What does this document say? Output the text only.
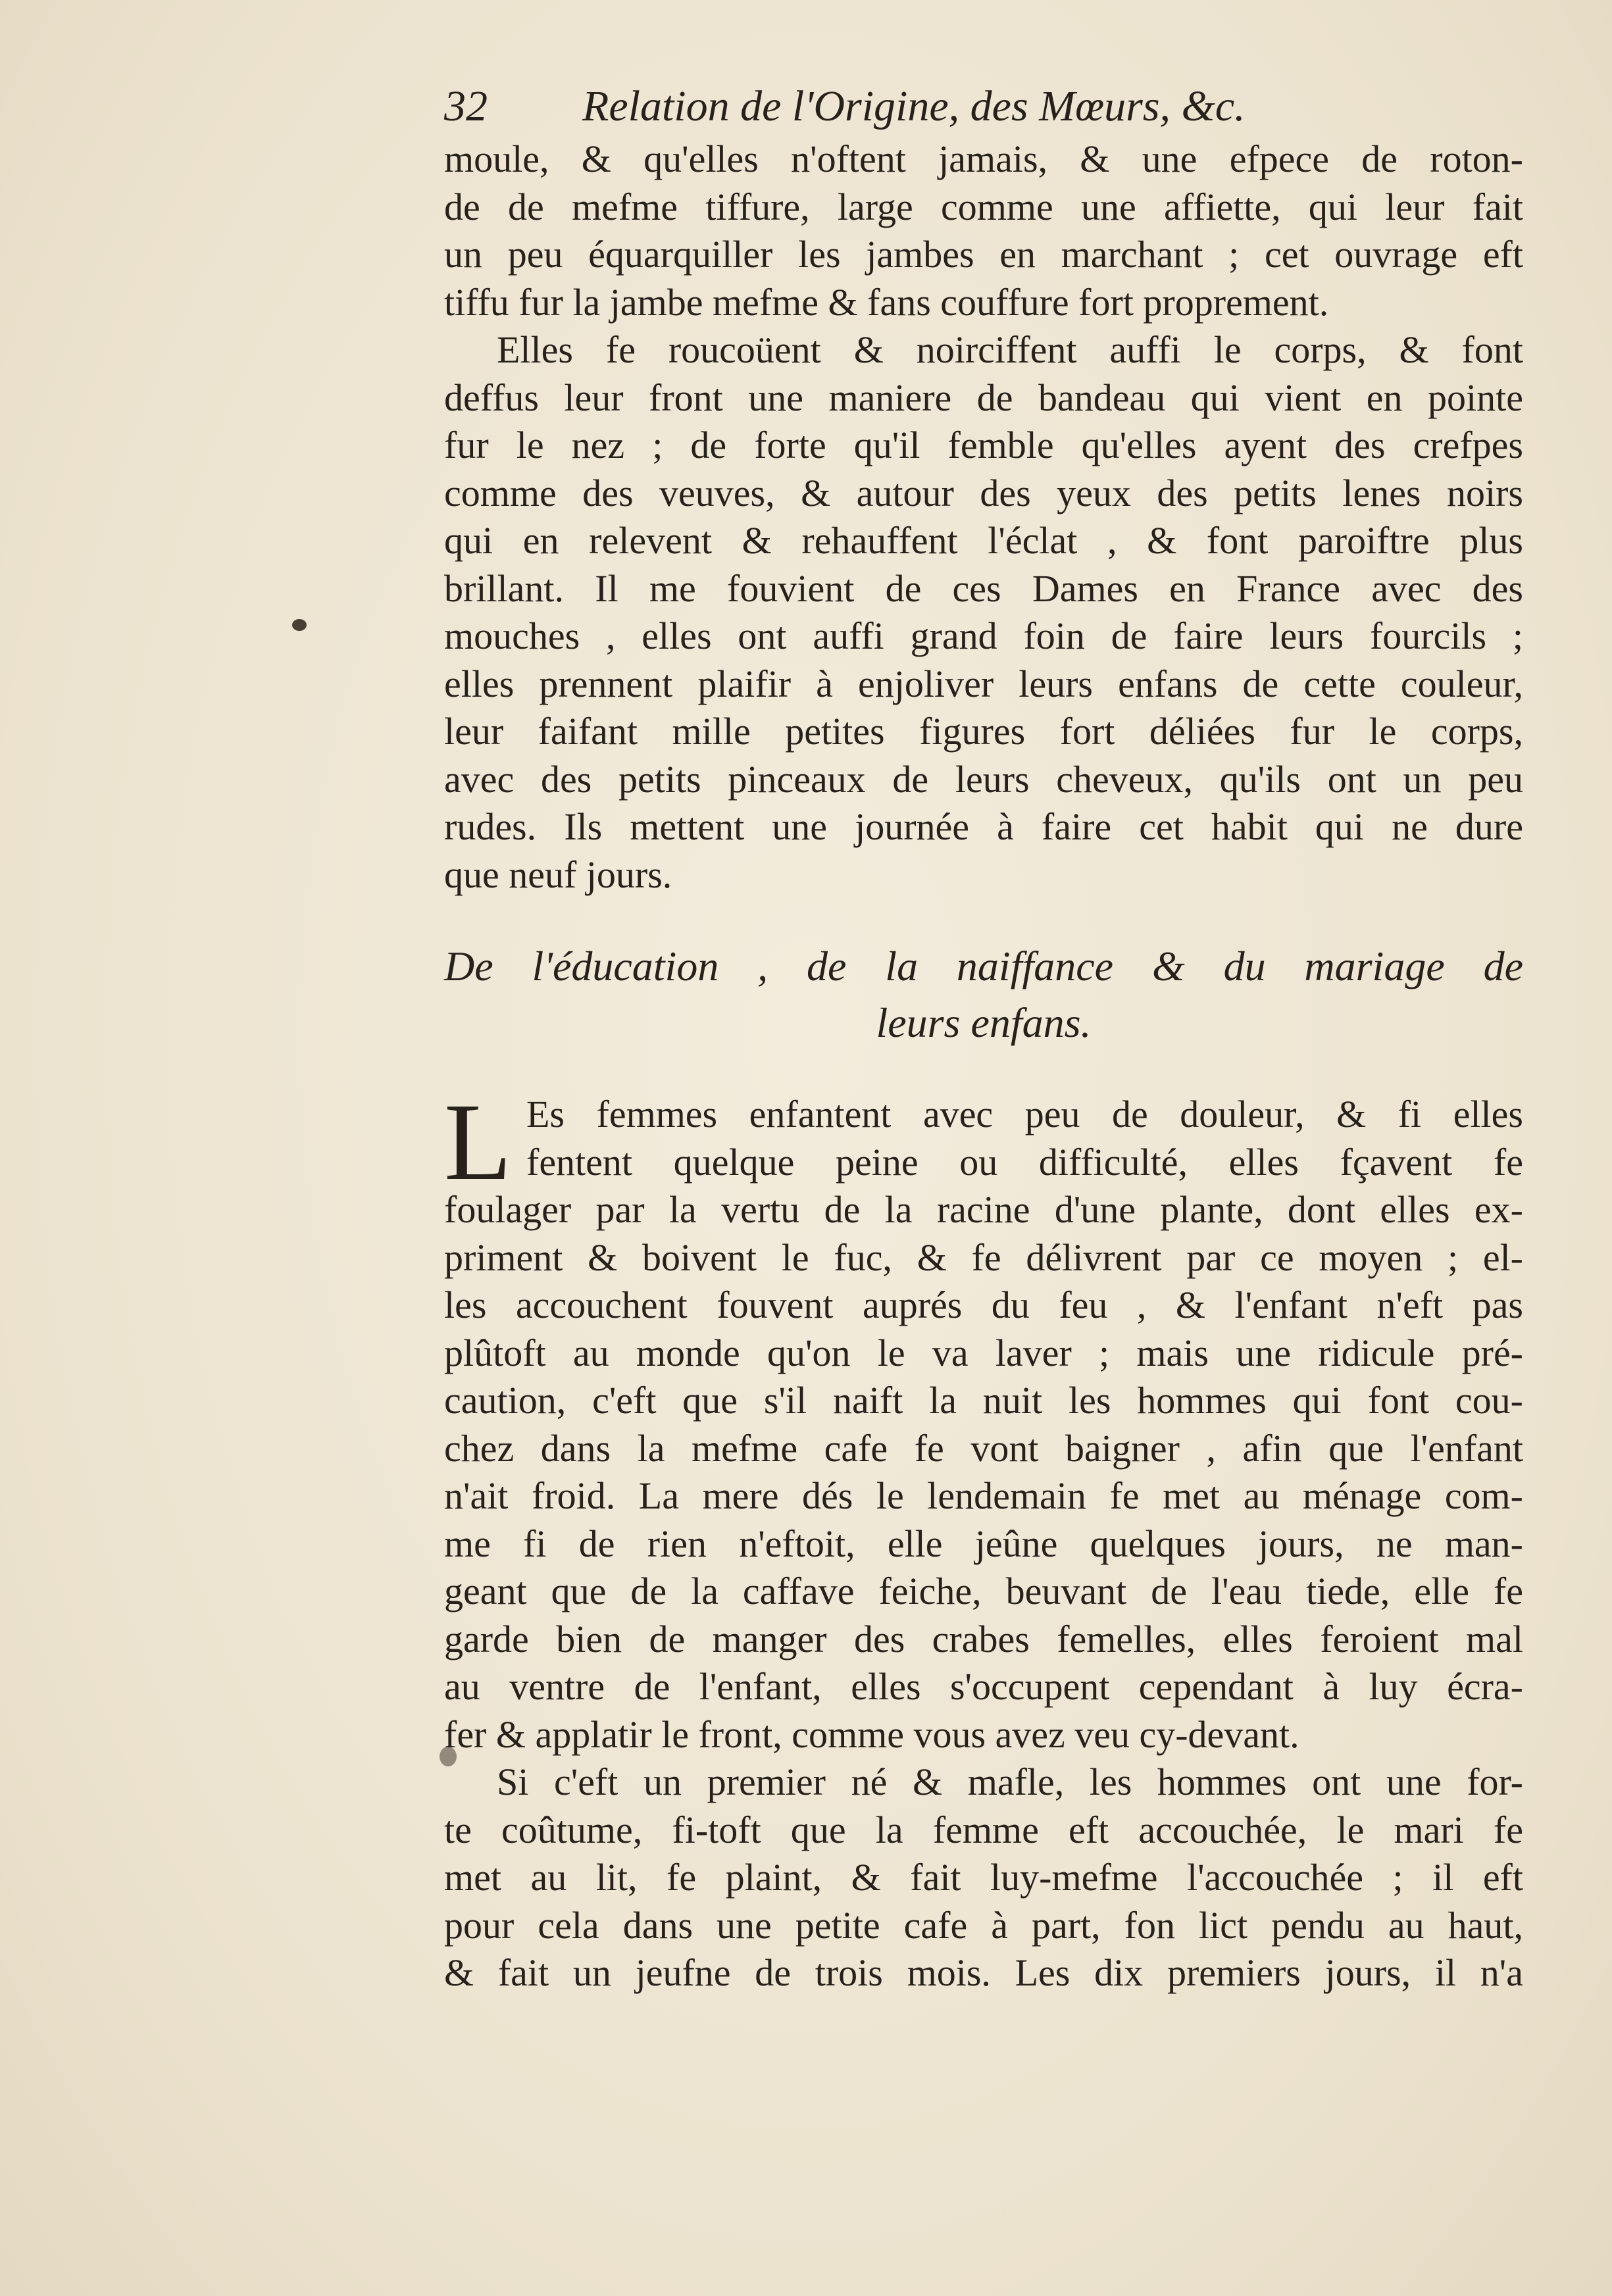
32 Relation de l'Origine, des Mœurs, &c.
moule, & qu'elles n'oftent jamais, & une efpece de roton-
de de mefme tiffure, large comme une affiette, qui leur fait
un peu équarquiller les jambes en marchant ; cet ouvrage eft
tiffu fur la jambe mefme & fans couffure fort proprement.
Elles fe roucoüent & noirciffent auffi le corps, & font
deffus leur front une maniere de bandeau qui vient en pointe
fur le nez ; de forte qu'il femble qu'elles ayent des crefpes
comme des veuves, & autour des yeux des petits lenes noirs
qui en relevent & rehauffent l'éclat , & font paroiftre plus
brillant. Il me fouvient de ces Dames en France avec des
mouches , elles ont auffi grand foin de faire leurs fourcils ;
elles prennent plaifir à enjoliver leurs enfans de cette couleur,
leur faifant mille petites figures fort déliées fur le corps,
avec des petits pinceaux de leurs cheveux, qu'ils ont un peu
rudes. Ils mettent une journée à faire cet habit qui ne dure
que neuf jours.
De l'éducation , de la naiffance & du mariage de
leurs enfans.
L Es femmes enfantent avec peu de douleur, & fi elles
fentent quelque peine ou difficulté, elles fçavent fe
foulager par la vertu de la racine d'une plante, dont elles ex-
priment & boivent le fuc, & fe délivrent par ce moyen ; el-
les accouchent fouvent auprés du feu , & l'enfant n'eft pas
plûtoft au monde qu'on le va laver ; mais une ridicule pré-
caution, c'eft que s'il naift la nuit les hommes qui font cou-
chez dans la mefme cafe fe vont baigner , afin que l'enfant
n'ait froid. La mere dés le lendemain fe met au ménage com-
me fi de rien n'eftoit, elle jeûne quelques jours, ne man-
geant que de la caffave feiche, beuvant de l'eau tiede, elle fe
garde bien de manger des crabes femelles, elles feroient mal
au ventre de l'enfant, elles s'occupent cependant à luy écra-
fer & applatir le front, comme vous avez veu cy-devant.
Si c'eft un premier né & mafle, les hommes ont une for-
te coûtume, fi-toft que la femme eft accouchée, le mari fe
met au lit, fe plaint, & fait luy-mefme l'accouchée ; il eft
pour cela dans une petite cafe à part, fon lict pendu au haut,
& fait un jeufne de trois mois. Les dix premiers jours, il n'a
